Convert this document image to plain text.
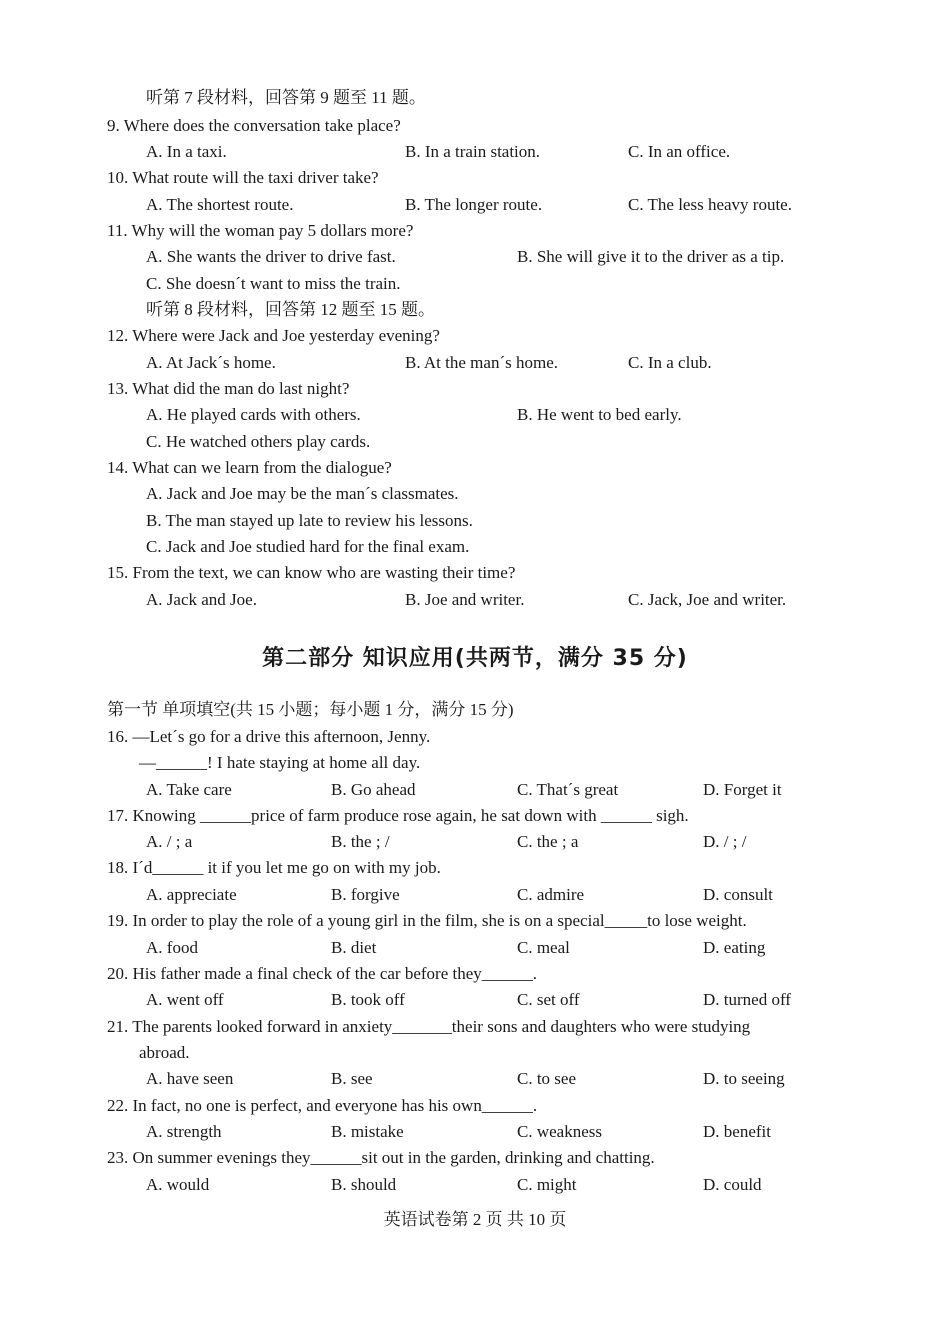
听第 7 段材料，回答第 9 题至 11 题。
9. Where does the conversation take place?
A. In a taxi.	B. In a train station.	C. In an office.
10. What route will the taxi driver take?
A. The shortest route.	B. The longer route.	C. The less heavy route.
11. Why will the woman pay 5 dollars more?
A. She wants the driver to drive fast.	B. She will give it to the driver as a tip.
C. She doesn´t want to miss the train.
听第 8 段材料，回答第 12 题至 15 题。
12. Where were Jack and Joe yesterday evening?
A. At Jack´s home.	B. At the man´s home.	C. In a club.
13. What did the man do last night?
A. He played cards with others.	B. He went to bed early.
C. He watched others play cards.
14. What can we learn from the dialogue?
A. Jack and Joe may be the man´s classmates.
B. The man stayed up late to review his lessons.
C. Jack and Joe studied hard for the final exam.
15. From the text, we can know who are wasting their time?
A. Jack and Joe.	B. Joe and writer.	C. Jack, Joe and writer.
第二部分 知识应用(共两节，满分 35 分)
第一节 单项填空(共 15 小题；每小题 1 分，满分 15 分)
16. —Let´s go for a drive this afternoon, Jenny.
—______! I hate staying at home all day.
A. Take care	B. Go ahead	C. That´s great	D. Forget it
17. Knowing ______price of farm produce rose again, he sat down with ______ sigh.
A. / ; a	B. the ; /	C. the ; a	D. / ; /
18. I´d______ it if you let me go on with my job.
A. appreciate	B. forgive	C. admire	D. consult
19. In order to play the role of a young girl in the film, she is on a special_____to lose weight.
A. food	B. diet	C. meal	D. eating
20. His father made a final check of the car before they______.
A. went off	B. took off	C. set off	D. turned off
21. The parents looked forward in anxiety_______their sons and daughters who were studying
abroad.
A. have seen	B. see	C. to see	D. to seeing
22. In fact, no one is perfect, and everyone has his own______.
A. strength	B. mistake	C. weakness	D. benefit
23. On summer evenings they______sit out in the garden, drinking and chatting.
A. would	B. should	C. might	D. could
英语试卷第 2 页 共 10 页
